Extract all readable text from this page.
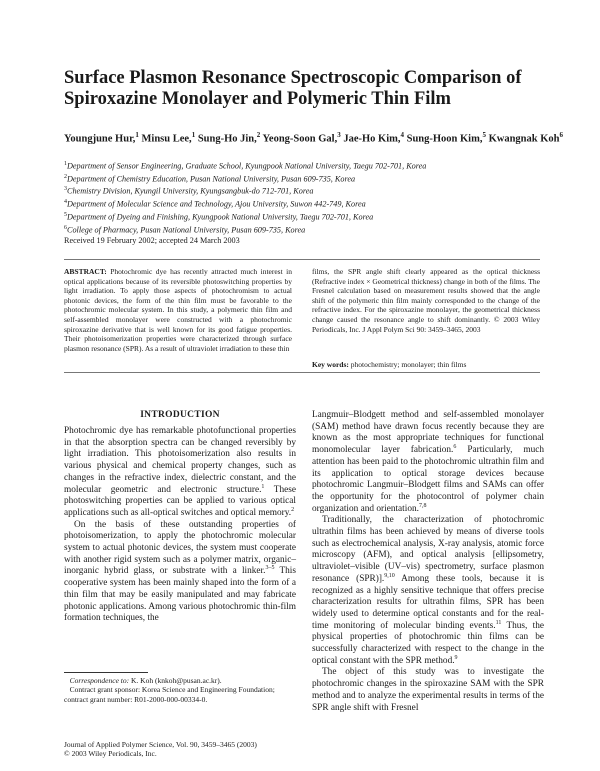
Surface Plasmon Resonance Spectroscopic Comparison of Spiroxazine Monolayer and Polymeric Thin Film
Youngjune Hur,$^1$ Minsu Lee,$^1$ Sung-Ho Jin,$^2$ Yeong-Soon Gal,$^3$ Jae-Ho Kim,$^4$ Sung-Hoon Kim,$^5$ Kwangnak Koh$^6$
$^1$Department of Sensor Engineering, Graduate School, Kyungpook National University, Taegu 702-701, Korea
$^2$Department of Chemistry Education, Pusan National University, Pusan 609-735, Korea
$^3$Chemistry Division, Kyungil University, Kyungsangbuk-do 712-701, Korea
$^4$Department of Molecular Science and Technology, Ajou University, Suwon 442-749, Korea
$^5$Department of Dyeing and Finishing, Kyungpook National University, Taegu 702-701, Korea
$^6$College of Pharmacy, Pusan National University, Pusan 609-735, Korea
Received 19 February 2002; accepted 24 March 2003
ABSTRACT: Photochromic dye has recently attracted much interest in optical applications because of its reversible photoswitching properties by light irradiation. To apply those aspects of photochromism to actual photonic devices, the form of the thin film must be favorable to the photochromic molecular system. In this study, a polymeric thin film and self-assembled monolayer were constructed with a photochromic spiroxazine derivative that is well known for its good fatigue properties. Their photoisomerization properties were characterized through surface plasmon resonance (SPR). As a result of ultraviolet irradiation to these thin
films, the SPR angle shift clearly appeared as the optical thickness (Refractive index × Geometrical thickness) change in both of the films. The Fresnel calculation based on measurement results showed that the angle shift of the polymeric thin film mainly corresponded to the change of the refractive index. For the spiroxazine monolayer, the geometrical thickness change caused the resonance angle to shift dominantly. © 2003 Wiley Periodicals, Inc. J Appl Polym Sci 90: 3459–3465, 2003
Key words: photochemistry; monolayer; thin films
INTRODUCTION

Photochromic dye has remarkable photofunctional properties in that the absorption spectra can be changed reversibly by light irradiation. This photoisomerization also results in various physical and chemical property changes, such as changes in the refractive index, dielectric constant, and the molecular geometric and electronic structure.$^1$ These photoswitching properties can be applied to various optical applications such as all-optical switches and optical memory.$^2$

On the basis of these outstanding properties of photoisomerization, to apply the photochromic molecular system to actual photonic devices, the system must cooperate with another rigid system such as a polymer matrix, organic–inorganic hybrid glass, or substrate with a linker.$^{3-5}$ This cooperative system has been mainly shaped into the form of a thin film that may be easily manipulated and may fabricate photonic applications. Among various photochromic thin-film formation techniques, the

Langmuir–Blodgett method and self-assembled monolayer (SAM) method have drawn focus recently because they are known as the most appropriate techniques for functional monomolecular layer fabrication.$^6$ Particularly, much attention has been paid to the photochromic ultrathin film and its application to optical storage devices because photochromic Langmuir–Blodgett films and SAMs can offer the opportunity for the photocontrol of polymer chain organization and orientation.$^{7,8}$

Traditionally, the characterization of photochromic ultrathin films has been achieved by means of diverse tools such as electrochemical analysis, X-ray analysis, atomic force microscopy (AFM), and optical analysis [ellipsometry, ultraviolet–visible (UV–vis) spectrometry, surface plasmon resonance (SPR)].$^{9,10}$ Among these tools, because it is recognized as a highly sensitive technique that offers precise characterization results for ultrathin films, SPR has been widely used to determine optical constants and for the real-time monitoring of molecular binding events.$^{11}$ Thus, the physical properties of photochromic thin films can be successfully characterized with respect to the change in the optical constant with the SPR method.$^9$

The object of this study was to investigate the photochromic changes in the spiroxazine SAM with the SPR method and to analyze the experimental results in terms of the SPR angle shift with Fresnel

Correspondence to: K. Koh (knkoh@pusan.ac.kr).
Contract grant sponsor: Korea Science and Engineering Foundation; contract grant number: R01-2000-000-00334-0.
Journal of Applied Polymer Science, Vol. 90, 3459–3465 (2003)
© 2003 Wiley Periodicals, Inc.
